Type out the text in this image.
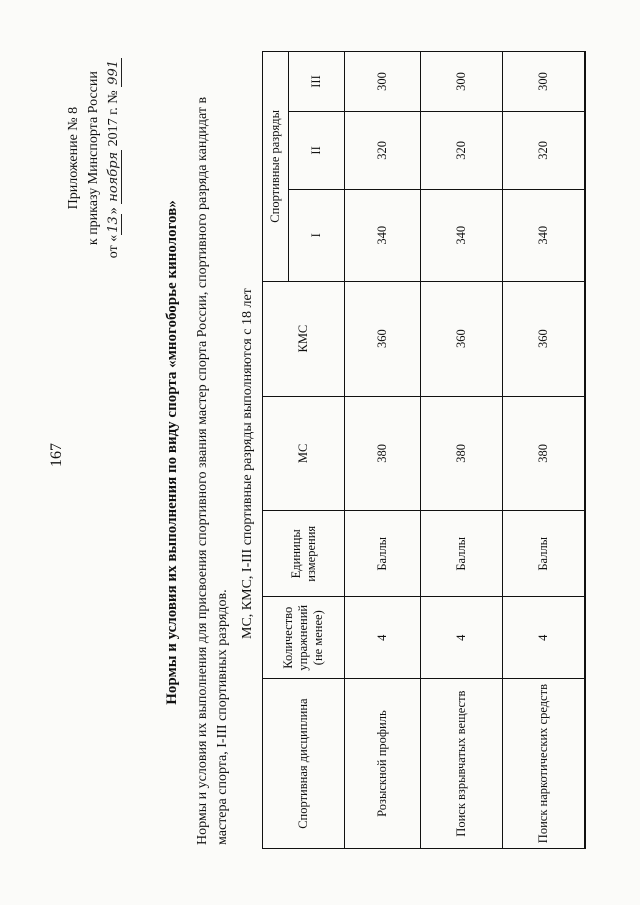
167
Приложение № 8 к приказу Минспорта России
от «13» ноября 2017 г. № 991
Нормы и условия их выполнения по виду спорта «многоборье кинологов» Нормы и условия их выполнения для присвоения спортивного звания мастер спорта России, спортивного разряда кандидат в мастера спорта, I-III спортивных разрядов.
МС, КМС, I-III спортивные разряды выполняются с 18 лет
Спортивная дисциплина	Количество упражнений (не менее)	Единицы измерения	МС	КМС	Спортивные разряды		
					I	II	III
Розыскной профиль	4	Баллы	380	360	340	320	300
Поиск взрывчатых веществ	4	Баллы	380	360	340	320	300
Поиск наркотических средств	4	Баллы	380	360	340	320	300
